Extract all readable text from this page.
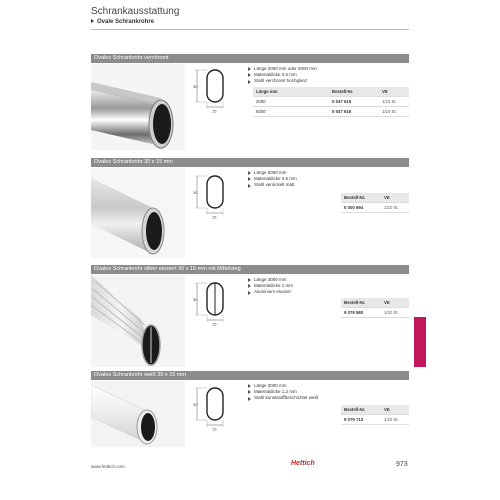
Schrankausstattung
Ovale Schrankrohre
Ovales Schrankrohr verchromt
30
15
Länge 2000 mm oder 5000 mm
Materialdicke 0,6 mm
Stahl verchromt hochglanz
Länge mm	Bestell-Nr.	VE
2000	0 047 615	1/10 St.
5000	0 047 616	1/10 St.
Ovales Schrankrohr 30 x 15 mm
30
15
Länge 5000 mm
Materialdicke 0,6 mm
Stahl vernickelt matt
Bestell-Nr.	VE
5 000 694	1/10 St.
Ovales Schrankrohr silber eloxiert 30 x 15 mm mit Mittelsteg
30
15
Länge 3000 mm
Materialdicke 1 mm
Aluminium eloxiert
Bestell-Nr.	VE
9 079 580	1/10 St.
Ovales Schrankrohr weiß 30 x 15 mm
30
15
Länge 3000 mm
Materialdicke 1,2 mm
Stahl kunststoffbeschichtet weiß
Bestell-Nr.	VE
9 079 713	1/10 St.
www.hettich.com	Hettich	973
